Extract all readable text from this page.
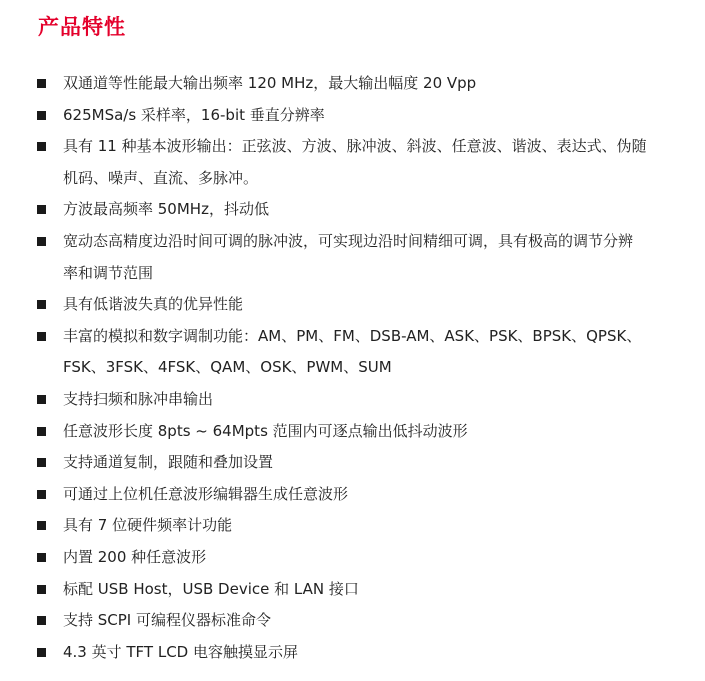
产品特性
双通道等性能最大输出频率 120 MHz，最大输出幅度 20 Vpp
625MSa/s 采样率，16-bit 垂直分辨率
具有 11 种基本波形输出：正弦波、方波、脉冲波、斜波、任意波、谐波、表达式、伪随
机码、噪声、直流、多脉冲。
方波最高频率 50MHz，抖动低
宽动态高精度边沿时间可调的脉冲波，可实现边沿时间精细可调，具有极高的调节分辨
率和调节范围
具有低谐波失真的优异性能
丰富的模拟和数字调制功能：AM、PM、FM、DSB-AM、ASK、PSK、BPSK、QPSK、
FSK、3FSK、4FSK、QAM、OSK、PWM、SUM
支持扫频和脉冲串输出
任意波形长度 8pts ~ 64Mpts 范围内可逐点输出低抖动波形
支持通道复制，跟随和叠加设置
可通过上位机任意波形编辑器生成任意波形
具有 7 位硬件频率计功能
内置 200 种任意波形
标配 USB Host，USB Device 和 LAN 接口
支持 SCPI 可编程仪器标准命令
4.3 英寸 TFT LCD 电容触摸显示屏
